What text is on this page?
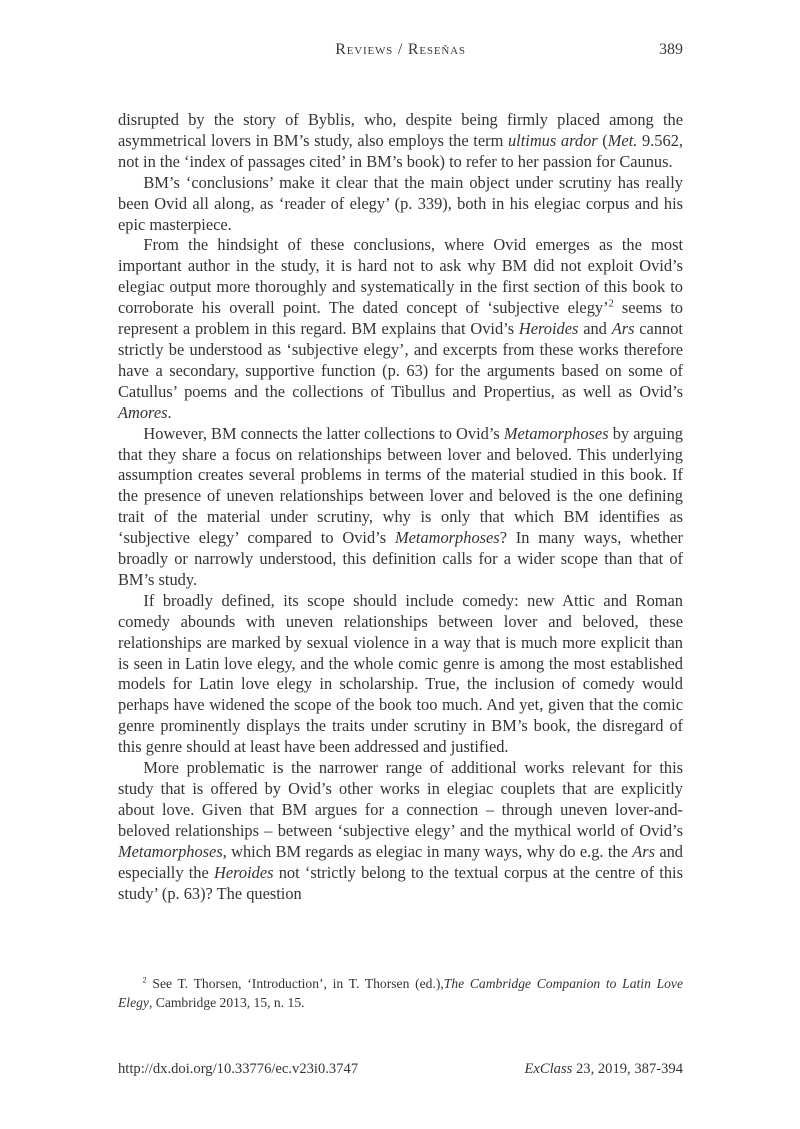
Reviews / Reseñas	389

disrupted by the story of Byblis, who, despite being firmly placed among the asymmetrical lovers in BM’s study, also employs the term ultimus ardor (Met. 9.562, not in the ‘index of passages cited’ in BM’s book) to refer to her passion for Caunus.

BM’s ‘conclusions’ make it clear that the main object under scrutiny has really been Ovid all along, as ‘reader of elegy’ (p. 339), both in his elegiac corpus and his epic masterpiece.

From the hindsight of these conclusions, where Ovid emerges as the most important author in the study, it is hard not to ask why BM did not exploit Ovid’s elegiac output more thoroughly and systematically in the first section of this book to corroborate his overall point. The dated concept of ‘subjective elegy’$^2$ seems to represent a problem in this regard. BM explains that Ovid’s Heroides and Ars cannot strictly be understood as ‘subjective elegy’, and excerpts from these works therefore have a secondary, supportive function (p. 63) for the arguments based on some of Catullus’ poems and the collections of Tibullus and Propertius, as well as Ovid’s Amores.

However, BM connects the latter collections to Ovid’s Metamorphoses by arguing that they share a focus on relationships between lover and beloved. This underlying assumption creates several problems in terms of the material studied in this book. If the presence of uneven relationships between lover and beloved is the one defining trait of the material under scrutiny, why is only that which BM identifies as ‘subjective elegy’ compared to Ovid’s Metamorphoses? In many ways, whether broadly or narrowly understood, this definition calls for a wider scope than that of BM’s study.

If broadly defined, its scope should include comedy: new Attic and Roman comedy abounds with uneven relationships between lover and beloved, these relationships are marked by sexual violence in a way that is much more explicit than is seen in Latin love elegy, and the whole comic genre is among the most established models for Latin love elegy in scholarship. True, the inclusion of comedy would perhaps have widened the scope of the book too much. And yet, given that the comic genre prominently displays the traits under scrutiny in BM’s book, the disregard of this genre should at least have been addressed and justified.

More problematic is the narrower range of additional works relevant for this study that is offered by Ovid’s other works in elegiac couplets that are explicitly about love. Given that BM argues for a connection – through uneven lover-and-beloved relationships – between ‘subjective elegy’ and the mythical world of Ovid’s Metamorphoses, which BM regards as elegiac in many ways, why do e.g. the Ars and especially the Heroides not ‘strictly belong to the textual corpus at the centre of this study’ (p. 63)? The question

$^2$ See T. Thorsen, ‘Introduction’, in T. Thorsen (ed.),The Cambridge Companion to Latin Love Elegy, Cambridge 2013, 15, n. 15.

http://dx.doi.org/10.33776/ec.v23i0.3747	ExClass 23, 2019, 387-394
